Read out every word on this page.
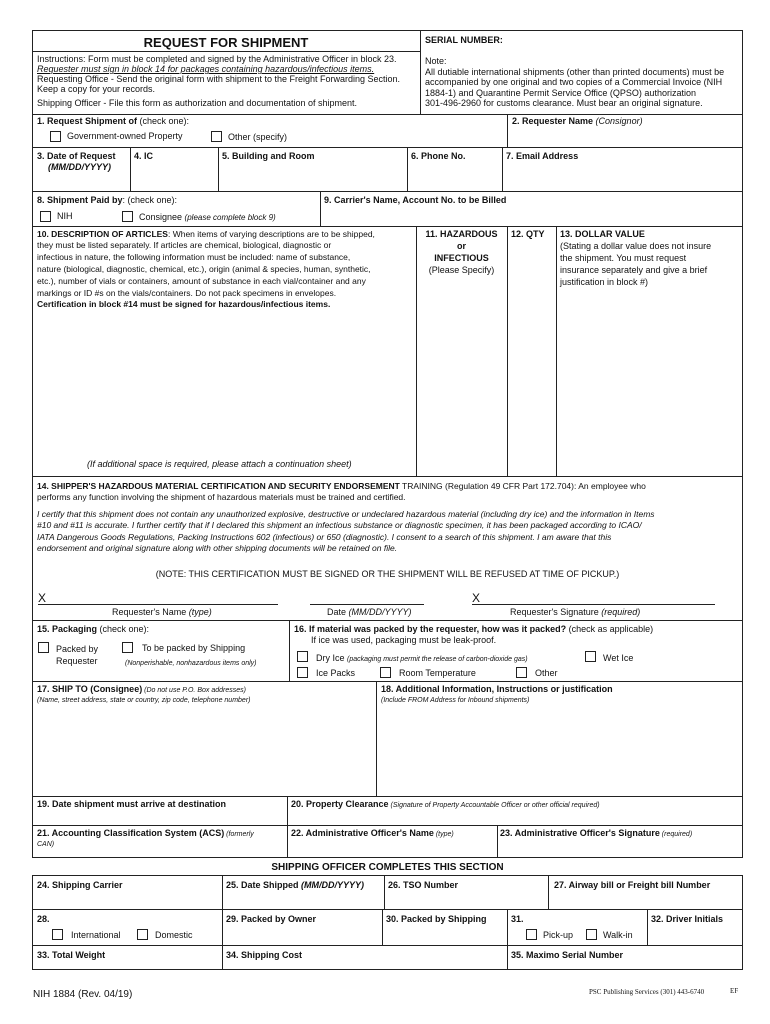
REQUEST FOR SHIPMENT	SERIAL NUMBER:
Instructions: Form must be completed and signed by the Administrative Officer in block 23.
Requester must sign in block 14 for packages containing hazardous/infectious items.
Requesting Office - Send the original form with shipment to the Freight Forwarding Section.
Keep a copy for your records.
Shipping Officer - File this form as authorization and documentation of shipment.
Note:
All dutiable international shipments (other than printed documents) must be
accompanied by one original and two copies of a Commercial Invoice (NIH
1884-1) and Quarantine Permit Service Office (QPSO) authorization
301-496-2960 for customs clearance. Must bear an original signature.
1. Request Shipment of (check one):
Government-owned Property	Other (specify)
2. Requester Name (Consignor)
3. Date of Request
(MM/DD/YYYY)
4. IC	5. Building and Room	6. Phone No.	7. Email Address
8. Shipment Paid by: (check one):
NIH	Consignee (please complete block 9)
9. Carrier's Name, Account No. to be Billed
10. DESCRIPTION OF ARTICLES: When items of varying descriptions are to be shipped,
they must be listed separately. If articles are chemical, biological, diagnostic or
infectious in nature, the following information must be included: name of substance,
nature (biological, diagnostic, chemical, etc.), origin (animal & species, human, synthetic,
etc.), number of vials or containers, amount of substance in each vial/container and any
markings or ID #s on the vials/containers. Do not pack specimens in envelopes.
Certification in block #14 must be signed for hazardous/infectious items.
(If additional space is required, please attach a continuation sheet)
11. HAZARDOUS
or
INFECTIOUS
(Please Specify)
12. QTY 13. DOLLAR VALUE
(Stating a dollar value does not insure
the shipment. You must request
insurance separately and give a brief
justification in block #)
14. SHIPPER'S HAZARDOUS MATERIAL CERTIFICATION AND SECURITY ENDORSEMENT TRAINING (Regulation 49 CFR Part 172.704): An employee who
performs any function involving the shipment of hazardous materials must be trained and certified.
I certify that this shipment does not contain any unauthorized explosive, destructive or undeclared hazardous material (including dry ice) and the information in Items
#10 and #11 is accurate. I further certify that if I declared this shipment an infectious substance or diagnostic specimen, it has been packaged according to ICAO/
IATA Dangerous Goods Regulations, Packing Instructions 602 (infectious) or 650 (diagnostic). I consent to a search of this shipment. I am aware that this
endorsement and original signature along with other shipping documents will be retained on file.
(NOTE: THIS CERTIFICATION MUST BE SIGNED OR THE SHIPMENT WILL BE REFUSED AT TIME OF PICKUP.)
X	X
Requester's Name (type)	Date (MM/DD/YYYY)	Requester's Signature (required)
15. Packaging (check one):
Packed by
Requester
To be packed by Shipping
(Nonperishable, nonhazardous items only)
16. If material was packed by the requester, how was it packed? (check as applicable)
If ice was used, packaging must be leak-proof.
Dry Ice (packaging must permit the release of carbon-dioxide gas)	Wet Ice
Ice Packs	Room Temperature	Other
17. SHIP TO (Consignee) (Do not use P.O. Box addresses)
(Name, street address, state or country, zip code, telephone number)
18. Additional Information, Instructions or justification
(Include FROM Address for Inbound shipments)
19. Date shipment must arrive at destination	20. Property Clearance (Signature of Property Accountable Officer or other official required)
21. Accounting Classification System (ACS) (formerly
CAN)
22. Administrative Officer's Name (type)	23. Administrative Officer's Signature (required)
SHIPPING OFFICER COMPLETES THIS SECTION
24. Shipping Carrier	25. Date Shipped (MM/DD/YYYY)	26. TSO Number	27. Airway bill or Freight bill Number
28.
International	Domestic
29. Packed by Owner	30. Packed by Shipping	31.
Pick-up	Walk-in
32. Driver Initials
33. Total Weight	34. Shipping Cost	35. Maximo Serial Number
NIH 1884 (Rev. 04/19)	PSC Publishing Services (301) 443-6740	EF
